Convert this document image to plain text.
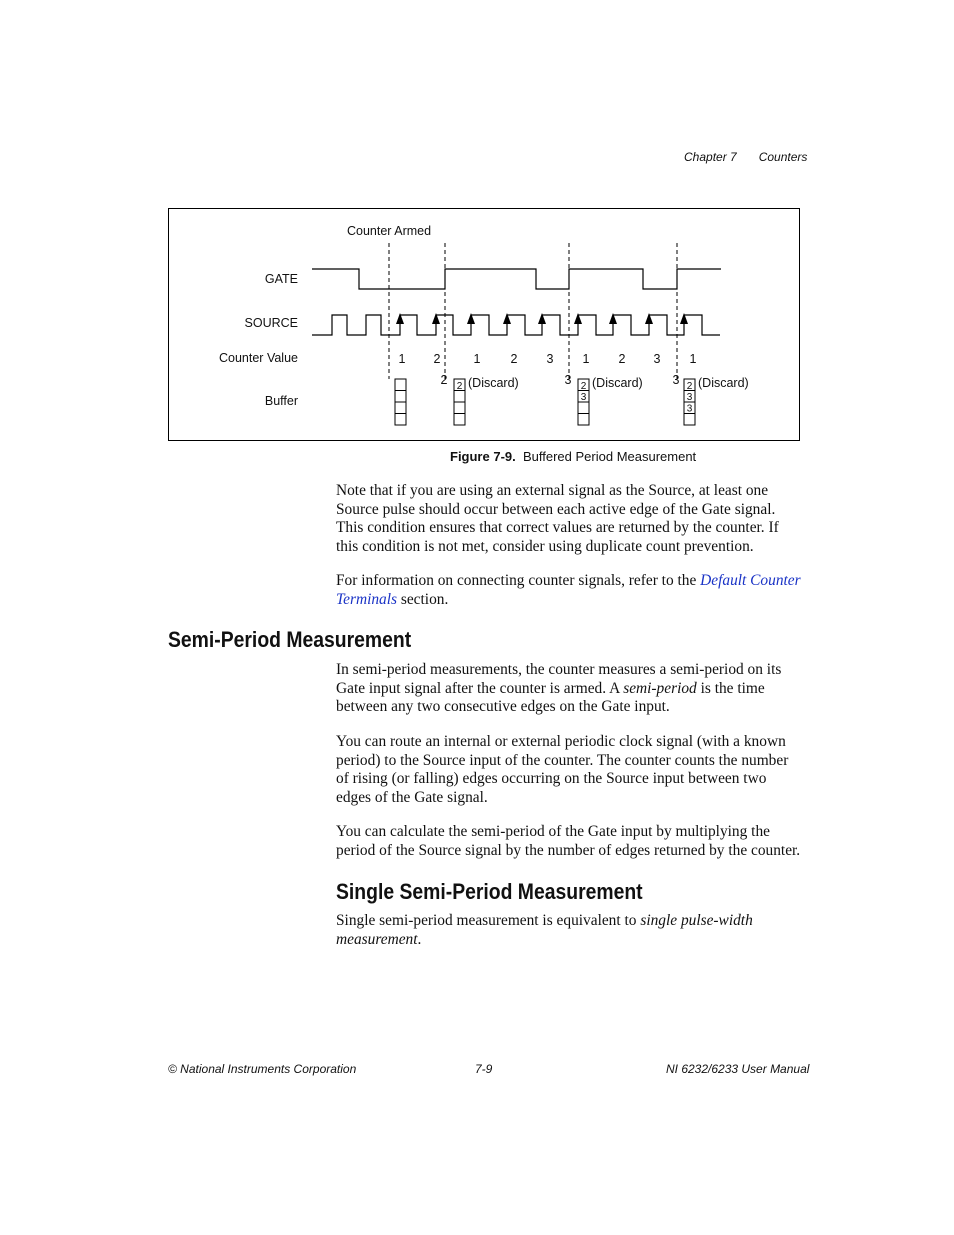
Chapter 7 Counters
Counter Armed
GATE
SOURCE
Counter Value
Buffer
1 2	1 2 3 1 2 3 1
2	3	3
(Discard)	(Discard)	(Discard)
2	2
3
2
3
3
Figure 7-9. Buffered Period Measurement

Note that if you are using an external signal as the Source, at least one Source pulse should occur between each active edge of the Gate signal. This condition ensures that correct values are returned by the counter. If this condition is not met, consider using duplicate count prevention.

For information on connecting counter signals, refer to the Default Counter Terminals section.

Semi-Period Measurement

In semi-period measurements, the counter measures a semi-period on its Gate input signal after the counter is armed. A semi-period is the time between any two consecutive edges on the Gate input.

You can route an internal or external periodic clock signal (with a known period) to the Source input of the counter. The counter counts the number of rising (or falling) edges occurring on the Source input between two edges of the Gate signal.

You can calculate the semi-period of the Gate input by multiplying the period of the Source signal by the number of edges returned by the counter.

Single Semi-Period Measurement

Single semi-period measurement is equivalent to single pulse-width measurement.

© National Instruments Corporation	7-9	NI 6232/6233 User Manual
